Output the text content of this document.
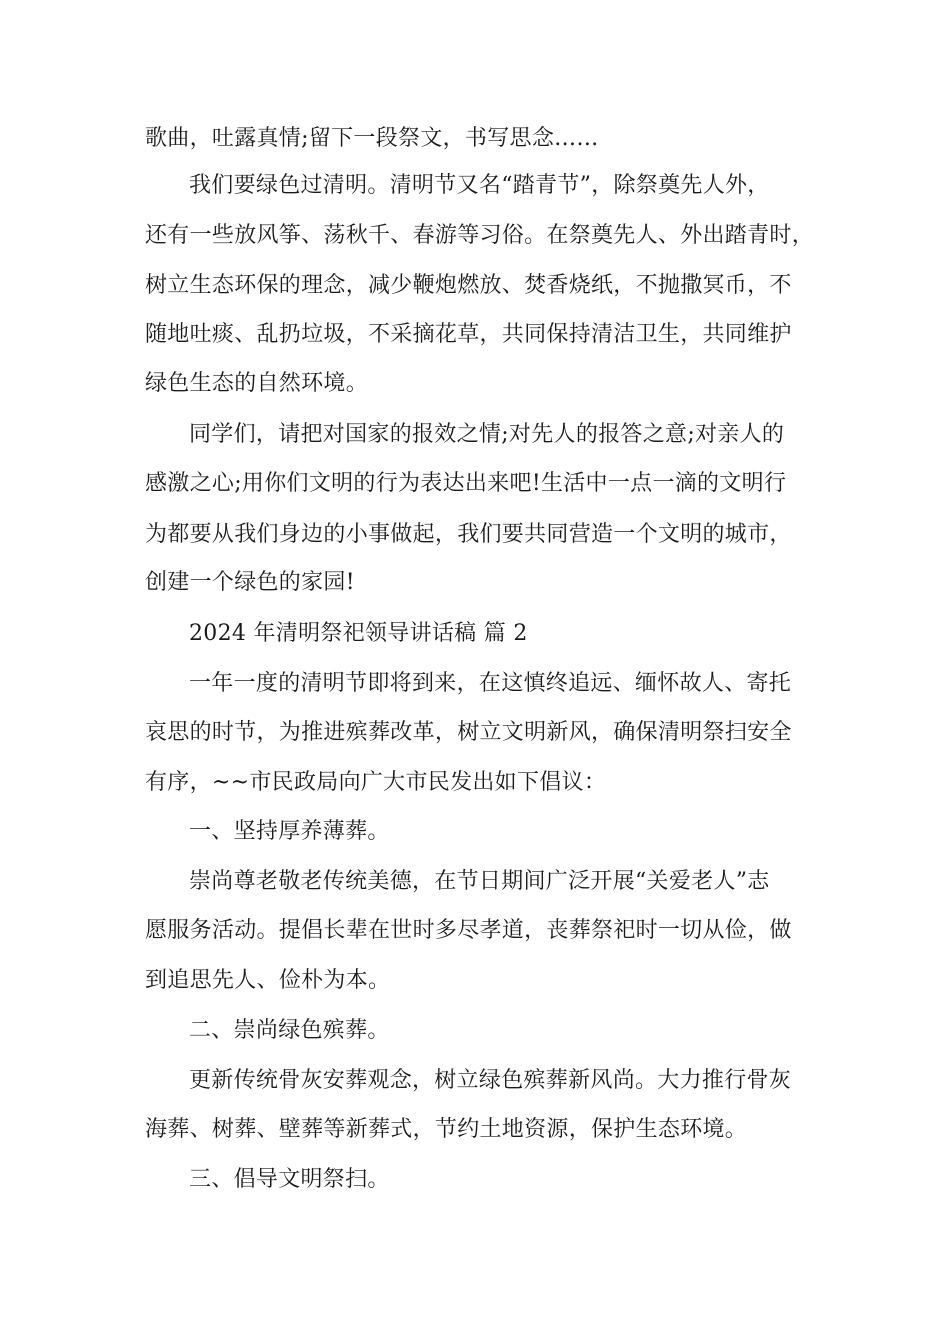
歌曲，吐露真情;留下一段祭文，书写思念……
我们要绿色过清明。清明节又名“踏青节”，除祭奠先人外，
还有一些放风筝、荡秋千、春游等习俗。在祭奠先人、外出踏青时，
树立生态环保的理念，减少鞭炮燃放、焚香烧纸，不抛撒冥币，不
随地吐痰、乱扔垃圾，不采摘花草，共同保持清洁卫生，共同维护
绿色生态的自然环境。
同学们，请把对国家的报效之情;对先人的报答之意;对亲人的
感激之心;用你们文明的行为表达出来吧!生活中一点一滴的文明行
为都要从我们身边的小事做起，我们要共同营造一个文明的城市，
创建一个绿色的家园!
2024 年清明祭祀领导讲话稿 篇 2
一年一度的清明节即将到来，在这慎终追远、缅怀故人、寄托
哀思的时节，为推进殡葬改革，树立文明新风，确保清明祭扫安全
有序，~~市民政局向广大市民发出如下倡议：
一、坚持厚养薄葬。
崇尚尊老敬老传统美德，在节日期间广泛开展“关爱老人”志
愿服务活动。提倡长辈在世时多尽孝道，丧葬祭祀时一切从俭，做
到追思先人、俭朴为本。
二、崇尚绿色殡葬。
更新传统骨灰安葬观念，树立绿色殡葬新风尚。大力推行骨灰
海葬、树葬、壁葬等新葬式，节约土地资源，保护生态环境。
三、倡导文明祭扫。
